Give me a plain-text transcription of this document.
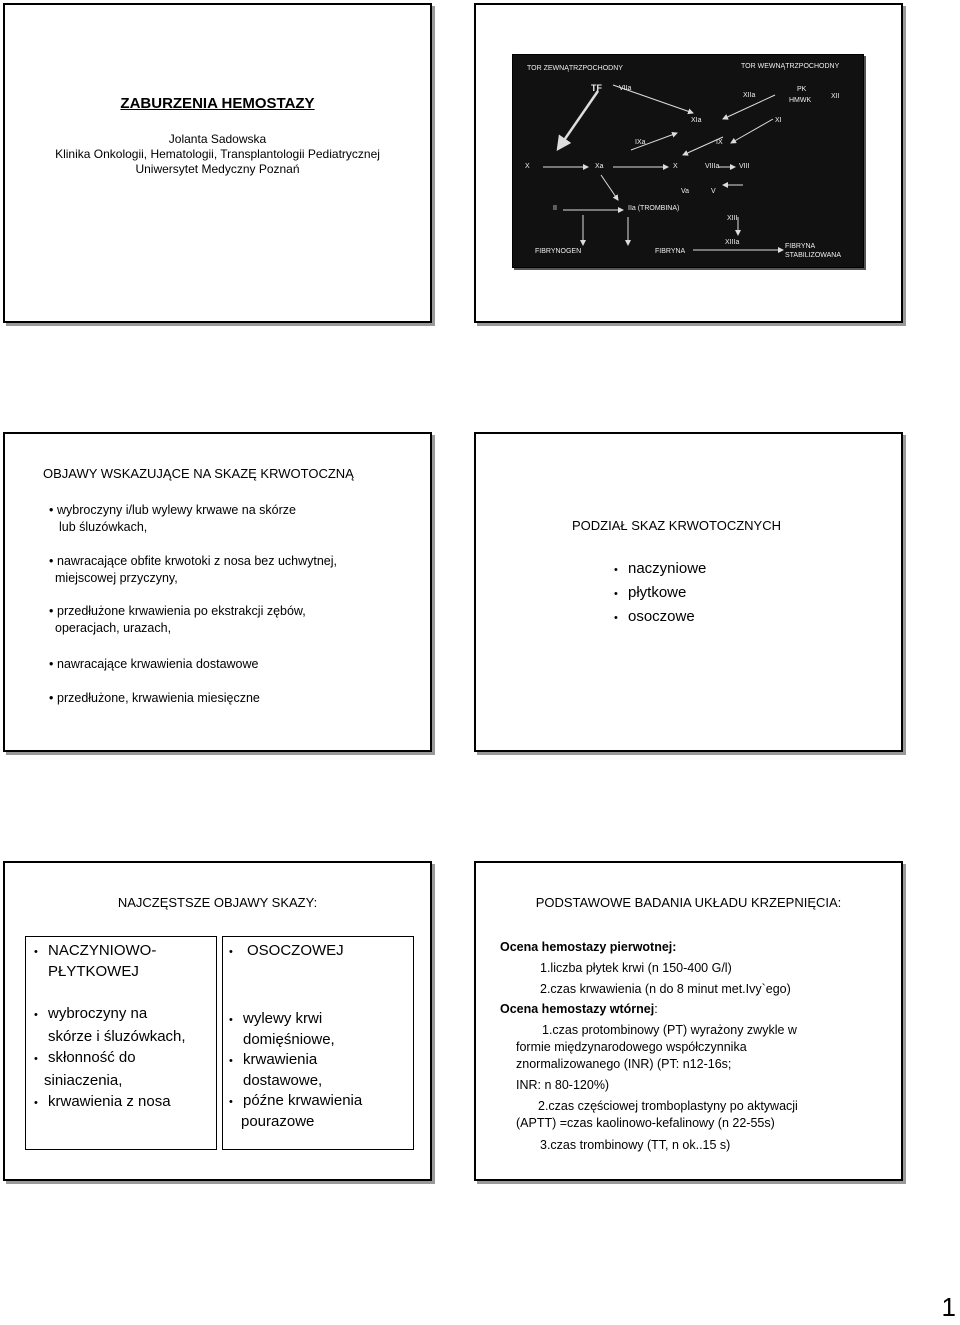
ZABURZENIA HEMOSTAZY
Jolanta Sadowska
Klinika Onkologii, Hematologii, Transplantologii Pediatrycznej
Uniwersytet Medyczny Poznań
TOR ZEWNĄTRZPOCHODNY	TOR WEWNĄTRZPOCHODNY
TF VIIa
XIIa
PK
HMWK
XII
XIa	XI
IXa	IX
X	Xa	X	VIIIa	VIII
Va	V
II	IIa (TROMBINA)
XIII
XIIIa
FIBRYNOGEN	FIBRYNA
FIBRYNA
STABILIZOWANA
OBJAWY WSKAZUJĄCE NA SKAZĘ KRWOTOCZNĄ
• wybroczyny i/lub wylewy krwawe na skórze
lub śluzówkach,
• nawracające obfite krwotoki z nosa bez uchwytnej,
miejscowej przyczyny,
• przedłużone krwawienia po ekstrakcji zębów,
operacjach, urazach,
• nawracające krwawienia dostawowe
• przedłużone, krwawienia miesięczne
PODZIAŁ SKAZ KRWOTOCZNYCH
• naczyniowe
• płytkowe
• osoczowe
NAJCZĘSTSZE OBJAWY SKAZY:
• NACZYNIOWO-
PŁYTKOWEJ
• wybroczyny na
skórze i śluzówkach,
• skłonność do
siniaczenia,
• krwawienia z nosa
• OSOCZOWEJ
• wylewy krwi
domięśniowe,
• krwawienia
dostawowe,
• późne krwawienia
pourazowe
PODSTAWOWE BADANIA UKŁADU KRZEPNIĘCIA:
Ocena hemostazy pierwotnej:
1.liczba płytek krwi (n 150-400 G/l)
2.czas krwawienia (n do 8 minut met.Ivy`ego)
Ocena hemostazy wtórnej:
1.czas protombinowy (PT) wyrażony zwykle w
formie międzynarodowego współczynnika
znormalizowanego (INR) (PT: n12-16s;
INR: n 80-120%)
2.czas częściowej tromboplastyny po aktywacji
(APTT) =czas kaolinowo-kefalinowy (n 22-55s)
3.czas trombinowy (TT, n ok..15 s)
1
